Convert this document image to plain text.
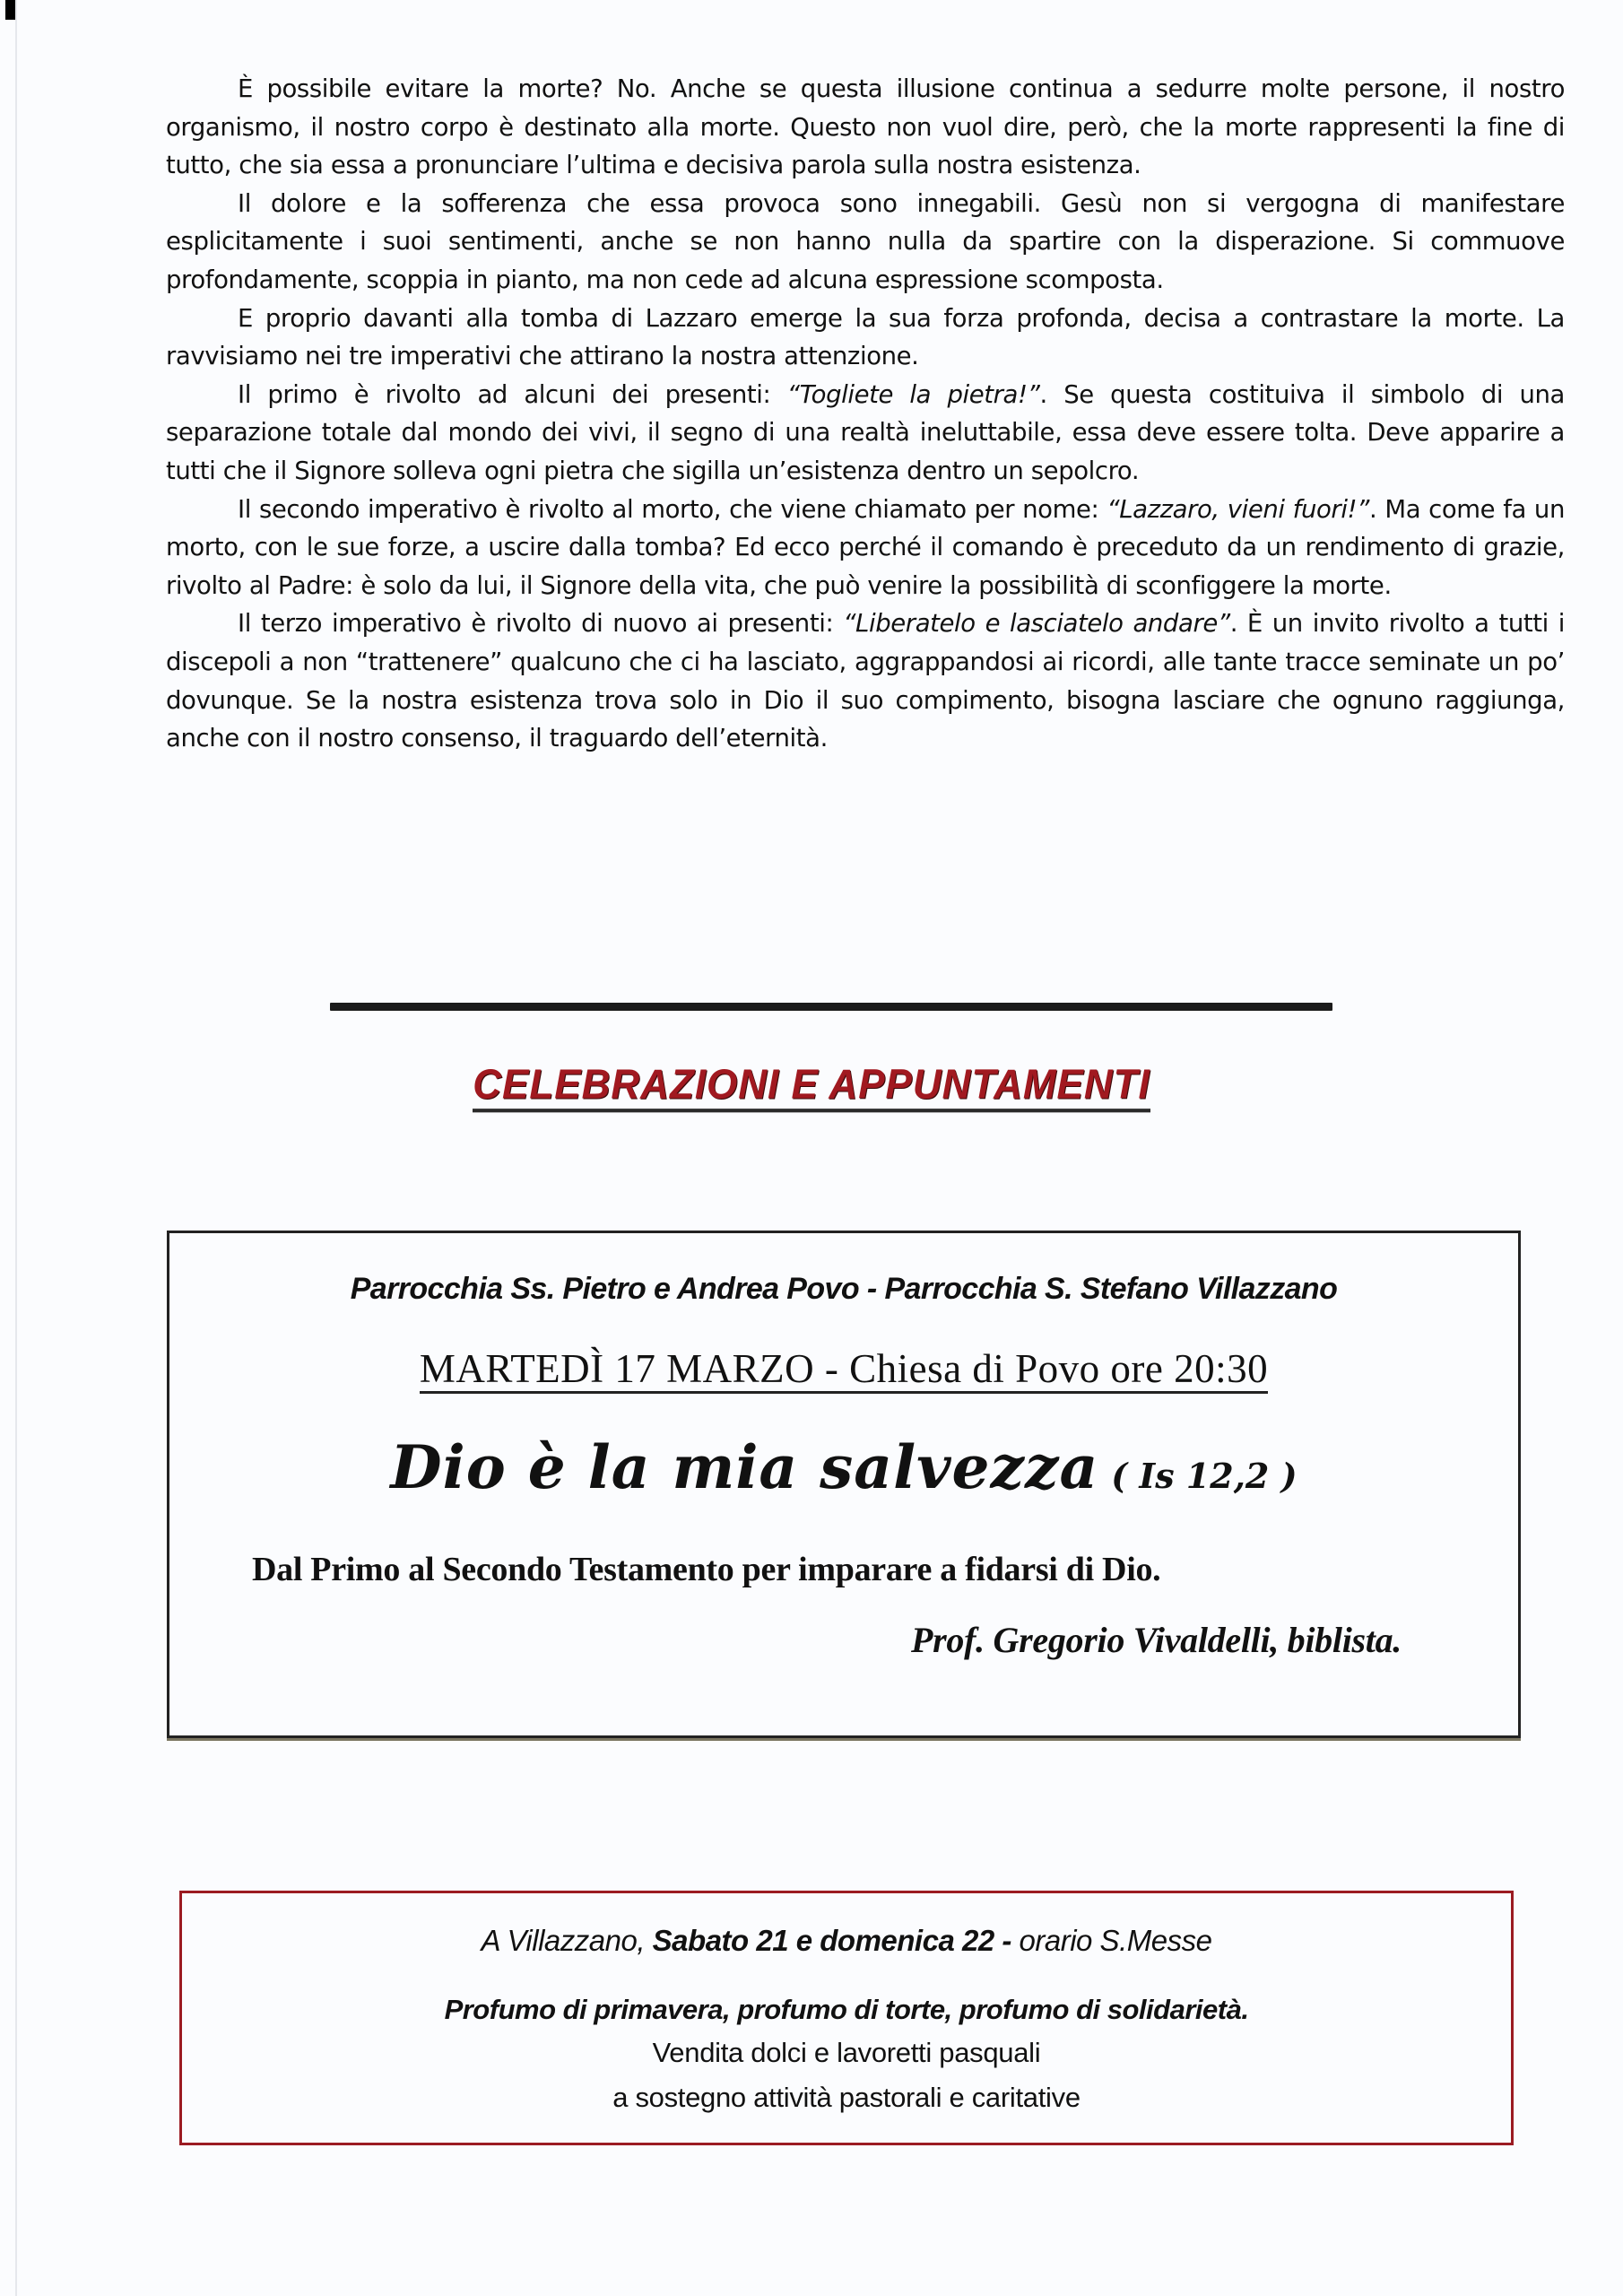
È possibile evitare la morte? No. Anche se questa illusione continua a sedurre molte persone, il nostro organismo, il nostro corpo è destinato alla morte. Questo non vuol dire, però, che la morte rappresenti la fine di tutto, che sia essa a pronunciare l’ultima e decisiva parola sulla nostra esistenza.

Il dolore e la sofferenza che essa provoca sono innegabili. Gesù non si vergogna di manifestare esplicitamente i suoi sentimenti, anche se non hanno nulla da spartire con la disperazione. Si commuove profondamente, scoppia in pianto, ma non cede ad alcuna espressione scomposta.

E proprio davanti alla tomba di Lazzaro emerge la sua forza profonda, decisa a contrastare la morte. La ravvisiamo nei tre imperativi che attirano la nostra attenzione.

Il primo è rivolto ad alcuni dei presenti: “Togliete la pietra!”. Se questa costituiva il simbolo di una separazione totale dal mondo dei vivi, il segno di una realtà ineluttabile, essa deve essere tolta. Deve apparire a tutti che il Signore solleva ogni pietra che sigilla un’esistenza dentro un sepolcro.

Il secondo imperativo è rivolto al morto, che viene chiamato per nome: “Lazzaro, vieni fuori!”. Ma come fa un morto, con le sue forze, a uscire dalla tomba? Ed ecco perché il comando è preceduto da un rendimento di grazie, rivolto al Padre: è solo da lui, il Signore della vita, che può venire la possibilità di sconfiggere la morte.

Il terzo imperativo è rivolto di nuovo ai presenti: “Liberatelo e lasciatelo andare”. È un invito rivolto a tutti i discepoli a non “trattenere” qualcuno che ci ha lasciato, aggrappandosi ai ricordi, alle tante tracce seminate un po’ dovunque. Se la nostra esistenza trova solo in Dio il suo compimento, bisogna lasciare che ognuno raggiunga, anche con il nostro consenso, il traguardo dell’eternità.

CELEBRAZIONI E APPUNTAMENTI
Parrocchia Ss. Pietro e Andrea Povo - Parrocchia S. Stefano Villazzano
MARTEDÌ 17 MARZO - Chiesa di Povo ore 20:30
Dio è la mia salvezza ( Is 12,2 )
Dal Primo al Secondo Testamento per imparare a fidarsi di Dio.
Prof. Gregorio Vivaldelli, biblista.
A Villazzano, Sabato 21 e domenica 22 - orario S.Messe
Profumo di primavera, profumo di torte, profumo di solidarietà.
Vendita dolci e lavoretti pasquali
a sostegno attività pastorali e caritative
